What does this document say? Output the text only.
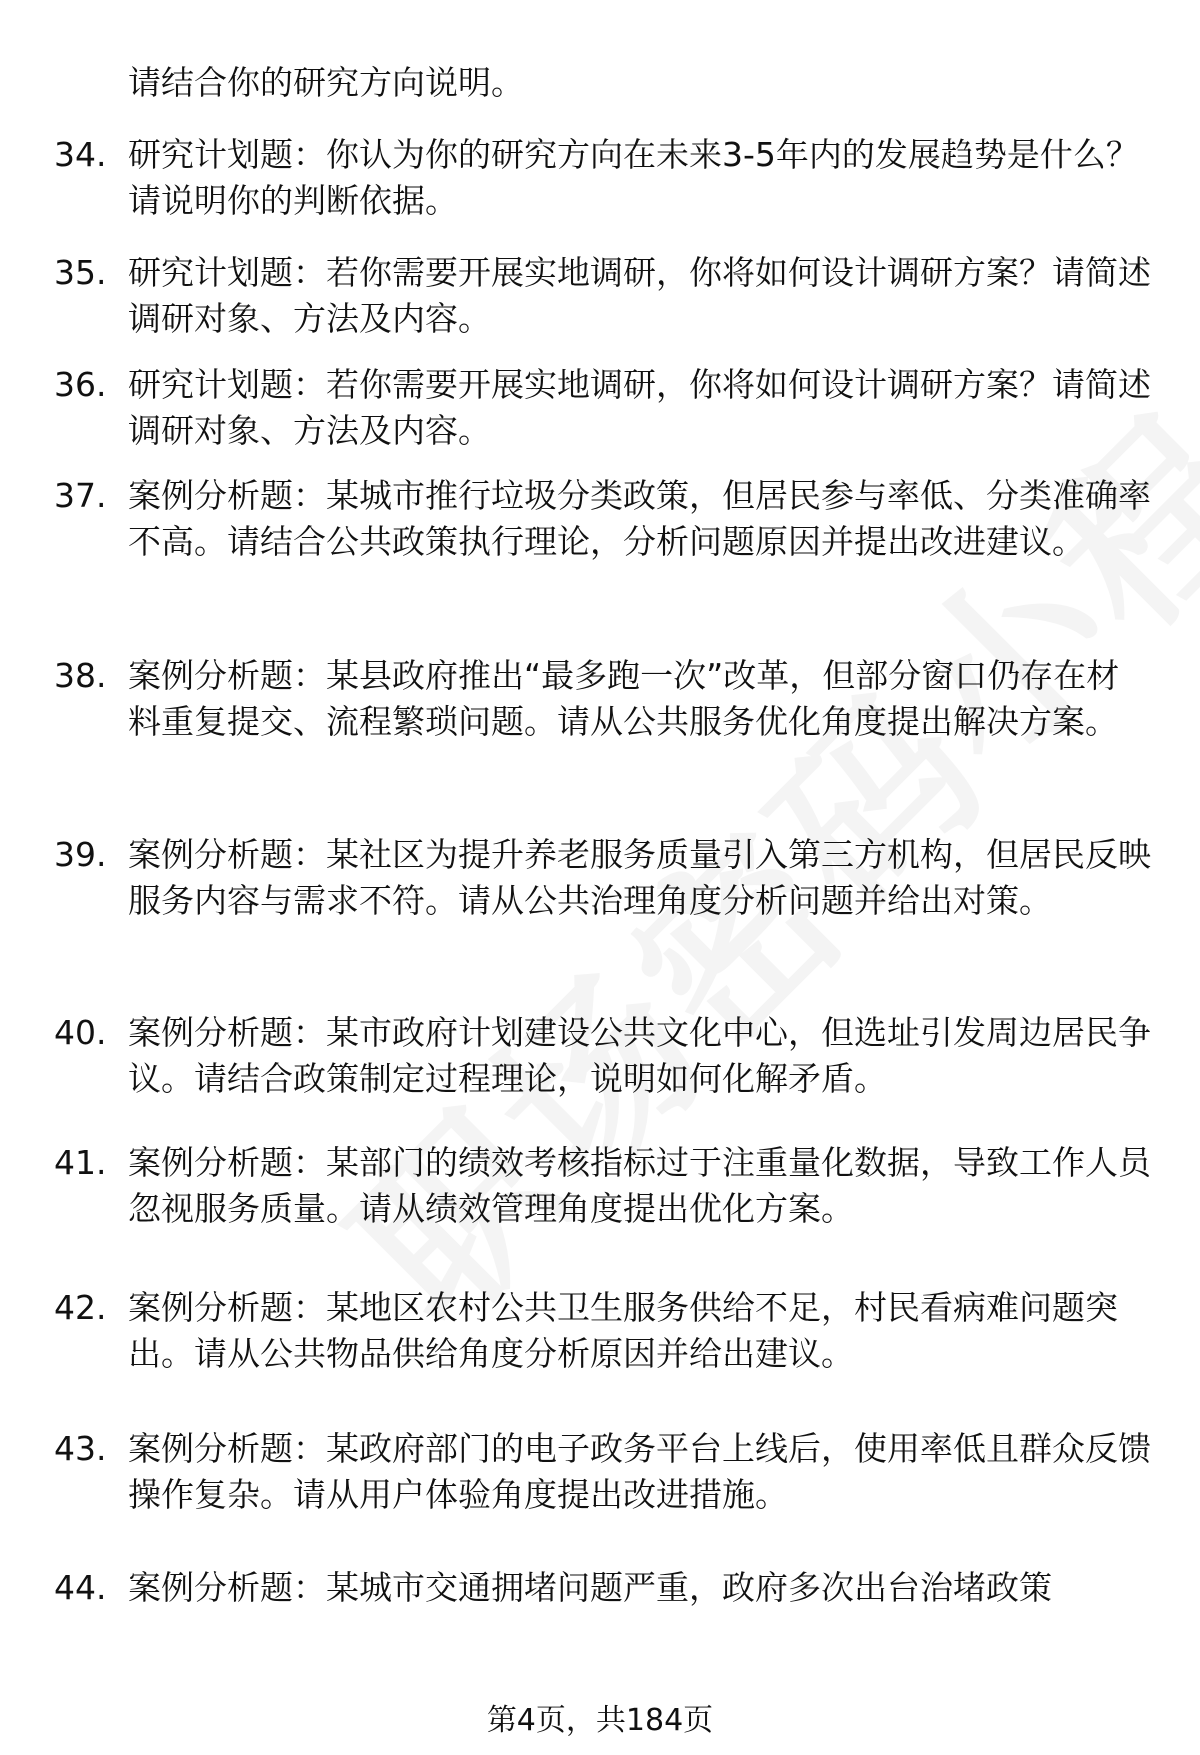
请结合你的研究方向说明。
34. 研究计划题：你认为你的研究方向在未来3-5年内的发展趋势是什么？请说明你的判断依据。
35. 研究计划题：若你需要开展实地调研，你将如何设计调研方案？请简述调研对象、方法及内容。
36. 研究计划题：若你需要开展实地调研，你将如何设计调研方案？请简述调研对象、方法及内容。
37. 案例分析题：某城市推行垃圾分类政策，但居民参与率低、分类准确率不高。请结合公共政策执行理论，分析问题原因并提出改进建议。
38. 案例分析题：某县政府推出“最多跑一次”改革，但部分窗口仍存在材料重复提交、流程繁琐问题。请从公共服务优化角度提出解决方案。
39. 案例分析题：某社区为提升养老服务质量引入第三方机构，但居民反映服务内容与需求不符。请从公共治理角度分析问题并给出对策。
40. 案例分析题：某市政府计划建设公共文化中心，但选址引发周边居民争议。请结合政策制定过程理论，说明如何化解矛盾。
41. 案例分析题：某部门的绩效考核指标过于注重量化数据，导致工作人员忽视服务质量。请从绩效管理角度提出优化方案。
42. 案例分析题：某地区农村公共卫生服务供给不足，村民看病难问题突出。请从公共物品供给角度分析原因并给出建议。
43. 案例分析题：某政府部门的电子政务平台上线后，使用率低且群众反馈操作复杂。请从用户体验角度提出改进措施。
44. 案例分析题：某城市交通拥堵问题严重，政府多次出台治堵政策
第4页，共184页
